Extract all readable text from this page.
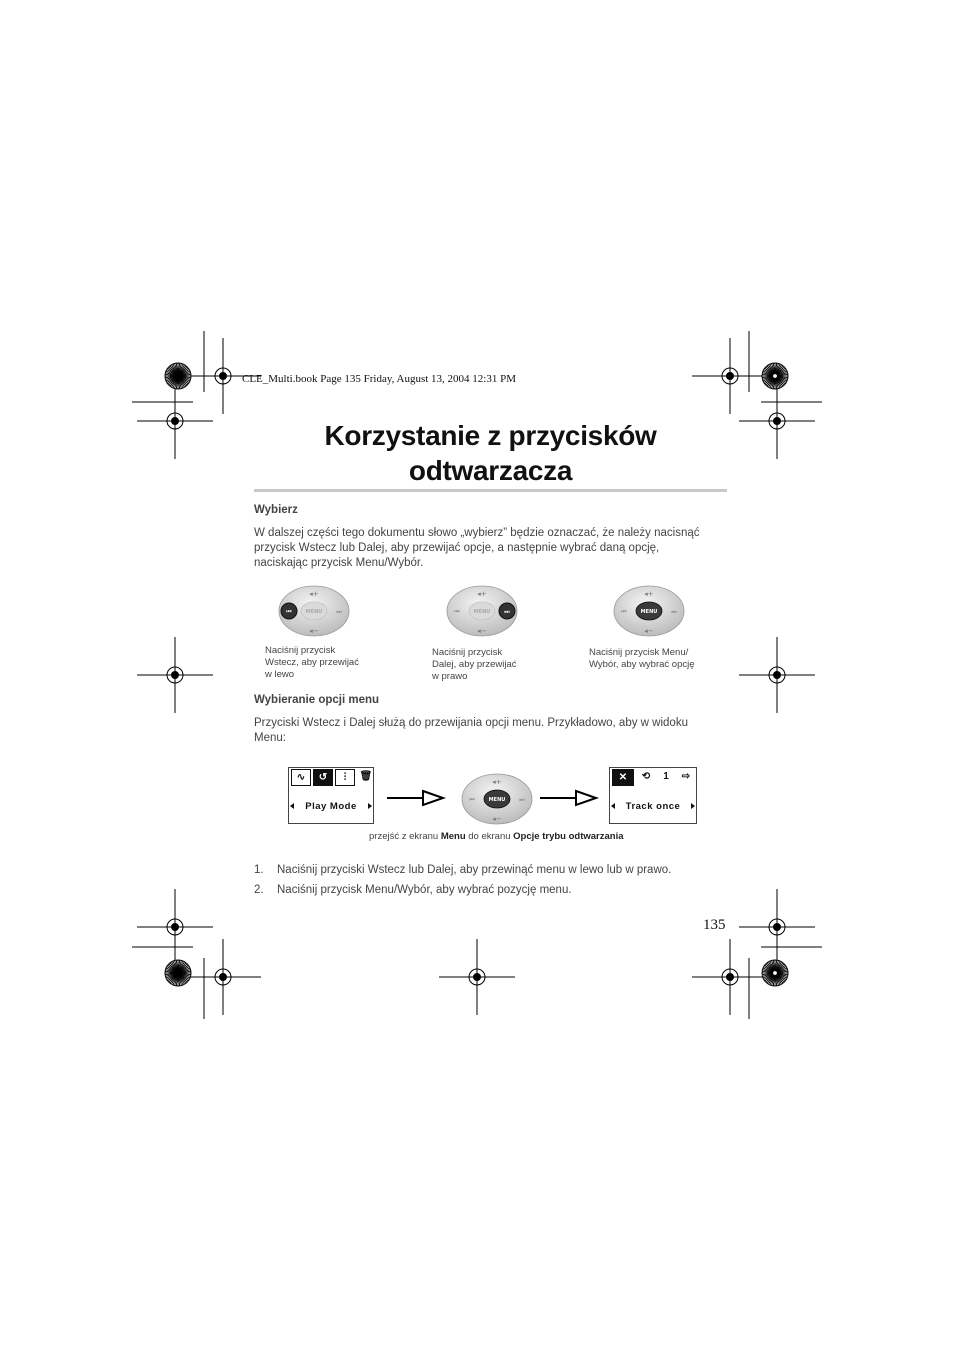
CLE_Multi.book Page 135 Friday, August 13, 2004 12:31 PM
Korzystanie z przycisków
odtwarzacza
Wybierz
W dalszej części tego dokumentu słowo „wybierz” będzie oznaczać, że należy nacisnąć
przycisk Wstecz lub Dalej, aby przewijać opcje, a następnie wybrać daną opcję,
naciskając przycisk Menu/Wybór.
◂+
◂−
⏮	⏭
MENU
◂+
◂−
⏮	⏭
MENU
◂+
◂−
⏮	⏭
MENU
Naciśnij przycisk
Wstecz, aby przewijać
w lewo
Naciśnij przycisk
Dalej, aby przewijać
w prawo
Naciśnij przycisk Menu/
Wybór, aby wybrać opcję
Wybieranie opcji menu
Przyciski Wstecz i Dalej służą do przewijania opcji menu. Przykładowo, aby w widoku
Menu:
∿	↺	⫶	🗑︎
Play Mode
◂+
◂−
⏮	⏭
MENU
✕	⟲	1	⇨
Track once
przejść z ekranu Menu do ekranu Opcje trybu odtwarzania
1. Naciśnij przyciski Wstecz lub Dalej, aby przewinąć menu w lewo lub w prawo.
2. Naciśnij przycisk Menu/Wybór, aby wybrać pozycję menu.
135
